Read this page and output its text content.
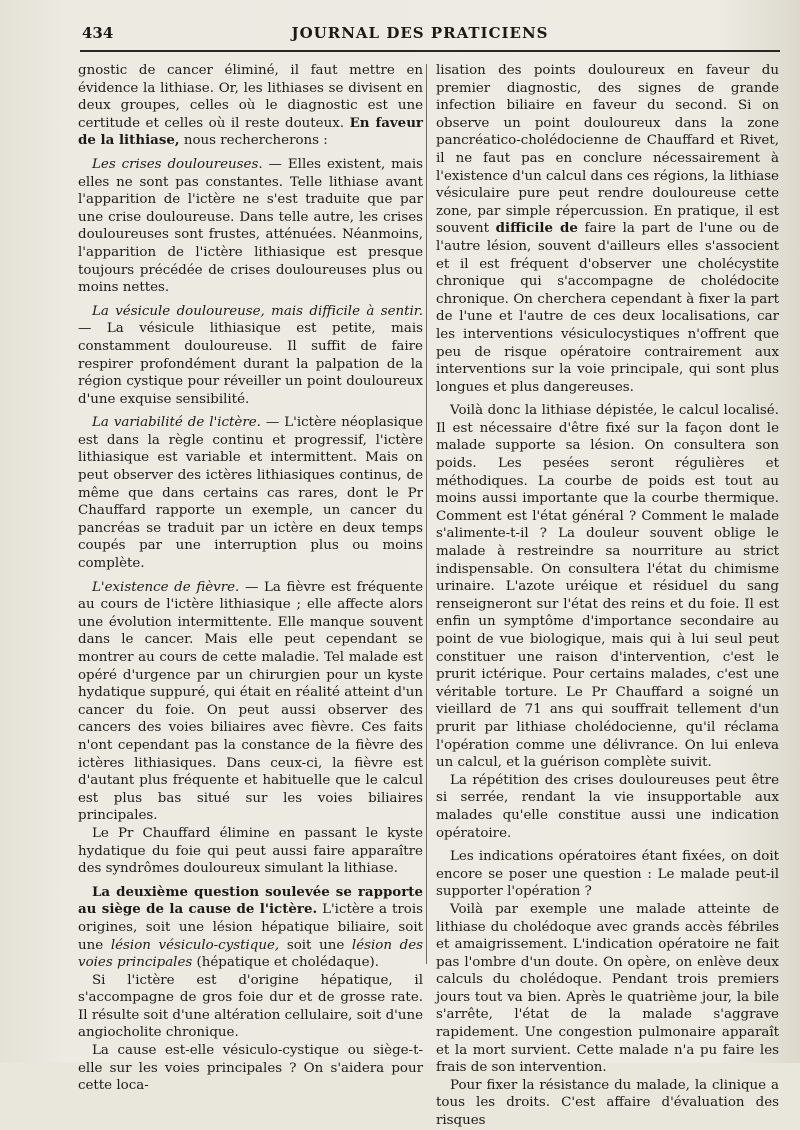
434	JOURNAL DES PRATICIENS

gnostic de cancer éliminé, il faut mettre en évidence la lithiase. Or, les lithiases se divisent en deux groupes, celles où le diagnostic est une certitude et celles où il reste douteux. En faveur de la lithiase, nous rechercherons :

Les crises douloureuses. — Elles existent, mais elles ne sont pas constantes. Telle lithiase avant l'apparition de l'ictère ne s'est traduite que par une crise douloureuse. Dans telle autre, les crises douloureuses sont frustes, atténuées. Néanmoins, l'apparition de l'ictère lithiasique est presque toujours précédée de crises douloureuses plus ou moins nettes.

La vésicule douloureuse, mais difficile à sentir. — La vésicule lithiasique est petite, mais constamment douloureuse. Il suffit de faire respirer profondément durant la palpation de la région cystique pour réveiller un point douloureux d'une exquise sensibilité.

La variabilité de l'ictère. — L'ictère néoplasique est dans la règle continu et progressif, l'ictère lithiasique est variable et intermittent. Mais on peut observer des ictères lithiasiques continus, de même que dans certains cas rares, dont le Pr Chauffard rapporte un exemple, un cancer du pancréas se traduit par un ictère en deux temps coupés par une interruption plus ou moins complète.

L'existence de fièvre. — La fièvre est fréquente au cours de l'ictère lithiasique ; elle affecte alors une évolution intermittente. Elle manque souvent dans le cancer. Mais elle peut cependant se montrer au cours de cette maladie. Tel malade est opéré d'urgence par un chirurgien pour un kyste hydatique suppuré, qui était en réalité atteint d'un cancer du foie. On peut aussi observer des cancers des voies biliaires avec fièvre. Ces faits n'ont cependant pas la constance de la fièvre des ictères lithiasiques. Dans ceux-ci, la fièvre est d'autant plus fréquente et habituelle que le calcul est plus bas situé sur les voies biliaires principales.

Le Pr Chauffard élimine en passant le kyste hydatique du foie qui peut aussi faire apparaître des syndrômes douloureux simulant la lithiase.

La deuxième question soulevée se rapporte au siège de la cause de l'ictère. L'ictère a trois origines, soit une lésion hépatique biliaire, soit une lésion vésiculo-cystique, soit une lésion des voies principales (hépatique et cholédaque).

Si l'ictère est d'origine hépatique, il s'accompagne de gros foie dur et de grosse rate. Il résulte soit d'une altération cellulaire, soit d'une angiocholite chronique.

La cause est-elle vésiculo-cystique ou siège-t-elle sur les voies principales ? On s'aidera pour cette loca-

lisation des points douloureux en faveur du premier diagnostic, des signes de grande infection biliaire en faveur du second. Si on observe un point douloureux dans la zone pancréatico-cholédocienne de Chauffard et Rivet, il ne faut pas en conclure nécessairement à l'existence d'un calcul dans ces régions, la lithiase vésiculaire pure peut rendre douloureuse cette zone, par simple répercussion. En pratique, il est souvent difficile de faire la part de l'une ou de l'autre lésion, souvent d'ailleurs elles s'associent et il est fréquent d'observer une cholécystite chronique qui s'accompagne de cholédocite chronique. On cherchera cependant à fixer la part de l'une et l'autre de ces deux localisations, car les interventions vésiculocystiques n'offrent que peu de risque opératoire contrairement aux interventions sur la voie principale, qui sont plus longues et plus dangereuses.

Voilà donc la lithiase dépistée, le calcul localisé. Il est nécessaire d'être fixé sur la façon dont le malade supporte sa lésion. On consultera son poids. Les pesées seront régulières et méthodiques. La courbe de poids est tout au moins aussi importante que la courbe thermique. Comment est l'état général ? Comment le malade s'alimente-t-il ? La douleur souvent oblige le malade à restreindre sa nourriture au strict indispensable. On consultera l'état du chimisme urinaire. L'azote uréique et résiduel du sang renseigneront sur l'état des reins et du foie. Il est enfin un symptôme d'importance secondaire au point de vue biologique, mais qui à lui seul peut constituer une raison d'intervention, c'est le prurit ictérique. Pour certains malades, c'est une véritable torture. Le Pr Chauffard a soigné un vieillard de 71 ans qui souffrait tellement d'un prurit par lithiase cholédocienne, qu'il réclama l'opération comme une délivrance. On lui enleva un calcul, et la guérison complète suivit.

La répétition des crises douloureuses peut être si serrée, rendant la vie insupportable aux malades qu'elle constitue aussi une indication opératoire.

Les indications opératoires étant fixées, on doit encore se poser une question : Le malade peut-il supporter l'opération ?

Voilà par exemple une malade atteinte de lithiase du cholédoque avec grands accès fébriles et amaigrissement. L'indication opératoire ne fait pas l'ombre d'un doute. On opère, on enlève deux calculs du cholédoque. Pendant trois premiers jours tout va bien. Après le quatrième jour, la bile s'arrête, l'état de la malade s'aggrave rapidement. Une congestion pulmonaire apparaît et la mort survient. Cette malade n'a pu faire les frais de son intervention.

Pour fixer la résistance du malade, la clinique a tous les droits. C'est affaire d'évaluation des risques
